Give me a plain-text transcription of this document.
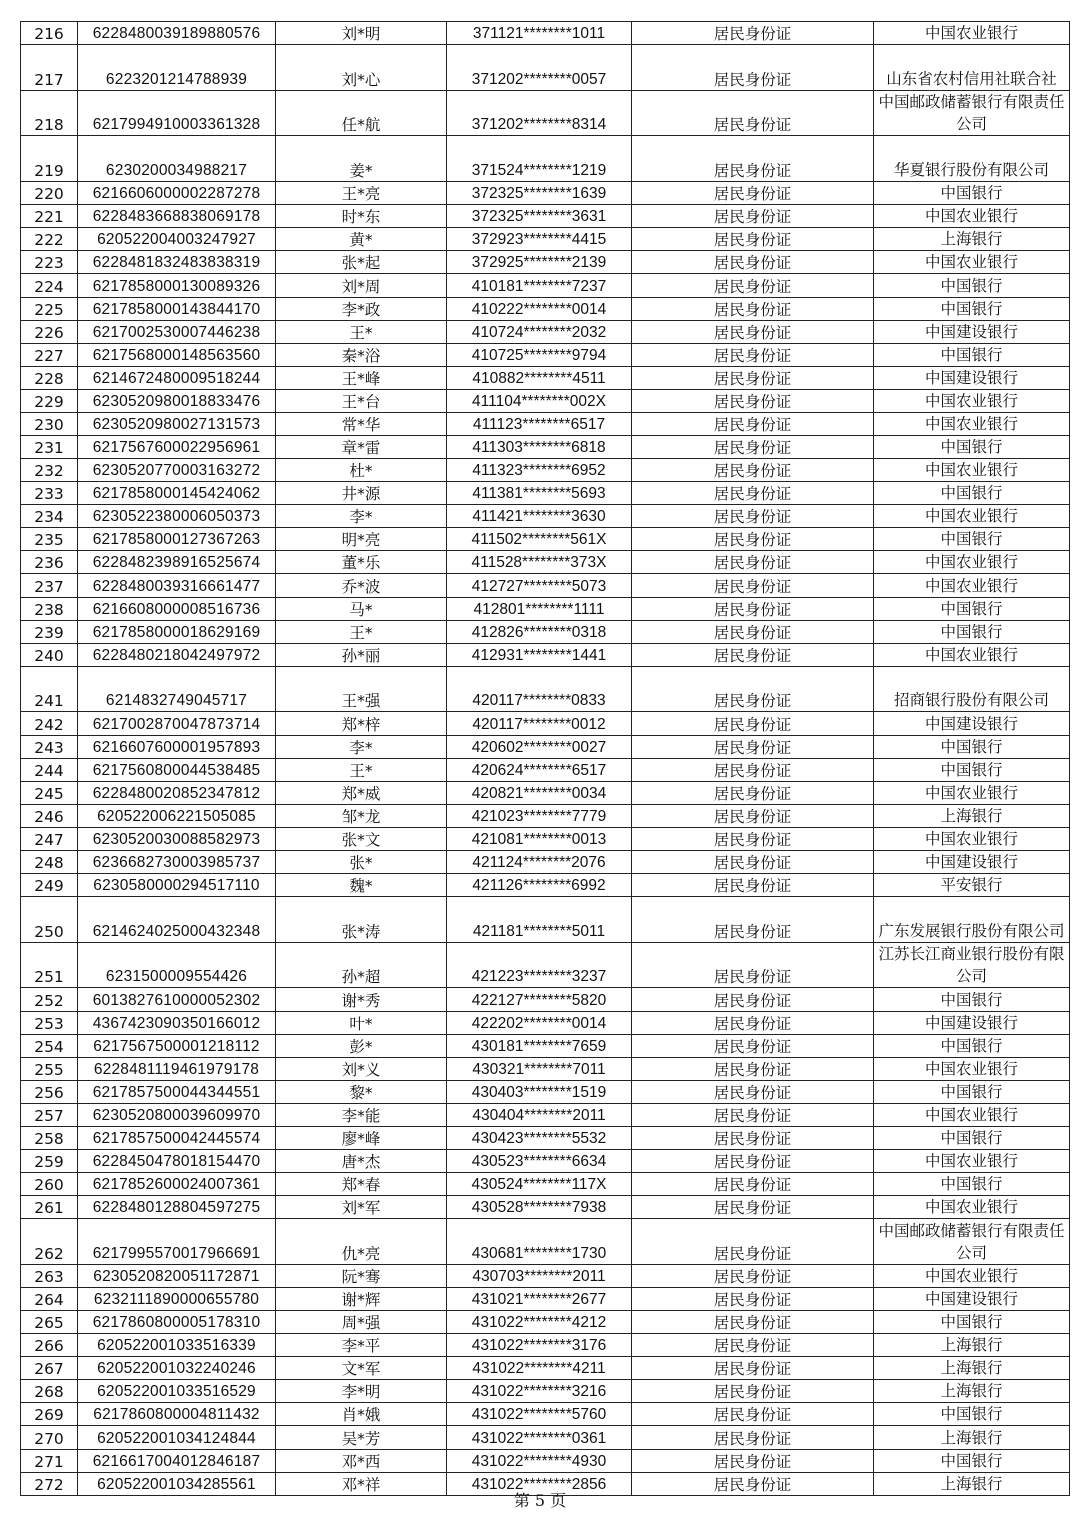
216	6228480039189880576	刘*明	371121********1011	居民身份证	中国农业银行
217	6223201214788939	刘*心	371202********0057	居民身份证	山东省农村信用社联合社
218	6217994910003361328	任*航	371202********8314	居民身份证	中国邮政储蓄银行有限责任公司
219	6230200034988217	姜*	371524********1219	居民身份证	华夏银行股份有限公司
220	6216606000002287278	王*亮	372325********1639	居民身份证	中国银行
221	6228483668838069178	时*东	372325********3631	居民身份证	中国农业银行
222	620522004003247927	黄*	372923********4415	居民身份证	上海银行
223	6228481832483838319	张*起	372925********2139	居民身份证	中国农业银行
224	6217858000130089326	刘*周	410181********7237	居民身份证	中国银行
225	6217858000143844170	李*政	410222********0014	居民身份证	中国银行
226	6217002530007446238	王*	410724********2032	居民身份证	中国建设银行
227	6217568000148563560	秦*浴	410725********9794	居民身份证	中国银行
228	6214672480009518244	王*峰	410882********4511	居民身份证	中国建设银行
229	6230520980018833476	王*台	411104********002X	居民身份证	中国农业银行
230	6230520980027131573	常*华	411123********6517	居民身份证	中国农业银行
231	6217567600022956961	章*雷	411303********6818	居民身份证	中国银行
232	6230520770003163272	杜*	411323********6952	居民身份证	中国农业银行
233	6217858000145424062	井*源	411381********5693	居民身份证	中国银行
234	6230522380006050373	李*	411421********3630	居民身份证	中国农业银行
235	6217858000127367263	明*亮	411502********561X	居民身份证	中国银行
236	6228482398916525674	董*乐	411528********373X	居民身份证	中国农业银行
237	6228480039316661477	乔*波	412727********5073	居民身份证	中国农业银行
238	6216608000008516736	马*	412801********1111	居民身份证	中国银行
239	6217858000018629169	王*	412826********0318	居民身份证	中国银行
240	6228480218042497972	孙*丽	412931********1441	居民身份证	中国农业银行
241	6214832749045717	王*强	420117********0833	居民身份证	招商银行股份有限公司
242	6217002870047873714	郑*梓	420117********0012	居民身份证	中国建设银行
243	6216607600001957893	李*	420602********0027	居民身份证	中国银行
244	6217560800044538485	王*	420624********6517	居民身份证	中国银行
245	6228480020852347812	郑*威	420821********0034	居民身份证	中国农业银行
246	620522006221505085	邹*龙	421023********7779	居民身份证	上海银行
247	6230520030088582973	张*文	421081********0013	居民身份证	中国农业银行
248	6236682730003985737	张*	421124********2076	居民身份证	中国建设银行
249	6230580000294517110	魏*	421126********6992	居民身份证	平安银行
250	6214624025000432348	张*涛	421181********5011	居民身份证	广东发展银行股份有限公司
251	6231500009554426	孙*超	421223********3237	居民身份证	江苏长江商业银行股份有限公司
252	6013827610000052302	谢*秀	422127********5820	居民身份证	中国银行
253	4367423090350166012	叶*	422202********0014	居民身份证	中国建设银行
254	6217567500001218112	彭*	430181********7659	居民身份证	中国银行
255	6228481119461979178	刘*义	430321********7011	居民身份证	中国农业银行
256	6217857500044344551	黎*	430403********1519	居民身份证	中国银行
257	6230520800039609970	李*能	430404********2011	居民身份证	中国农业银行
258	6217857500042445574	廖*峰	430423********5532	居民身份证	中国银行
259	6228450478018154470	唐*杰	430523********6634	居民身份证	中国农业银行
260	6217852600024007361	郑*春	430524********117X	居民身份证	中国银行
261	6228480128804597275	刘*军	430528********7938	居民身份证	中国农业银行
262	6217995570017966691	仇*亮	430681********1730	居民身份证	中国邮政储蓄银行有限责任公司
263	6230520820051172871	阮*骞	430703********2011	居民身份证	中国农业银行
264	6232111890000655780	谢*辉	431021********2677	居民身份证	中国建设银行
265	6217860800005178310	周*强	431022********4212	居民身份证	中国银行
266	620522001033516339	李*平	431022********3176	居民身份证	上海银行
267	620522001032240246	文*军	431022********4211	居民身份证	上海银行
268	620522001033516529	李*明	431022********3216	居民身份证	上海银行
269	6217860800004811432	肖*娥	431022********5760	居民身份证	中国银行
270	620522001034124844	吴*芳	431022********0361	居民身份证	上海银行
271	6216617004012846187	邓*西	431022********4930	居民身份证	中国银行
272	620522001034285561	邓*祥	431022********2856	居民身份证	上海银行
第 5 页
